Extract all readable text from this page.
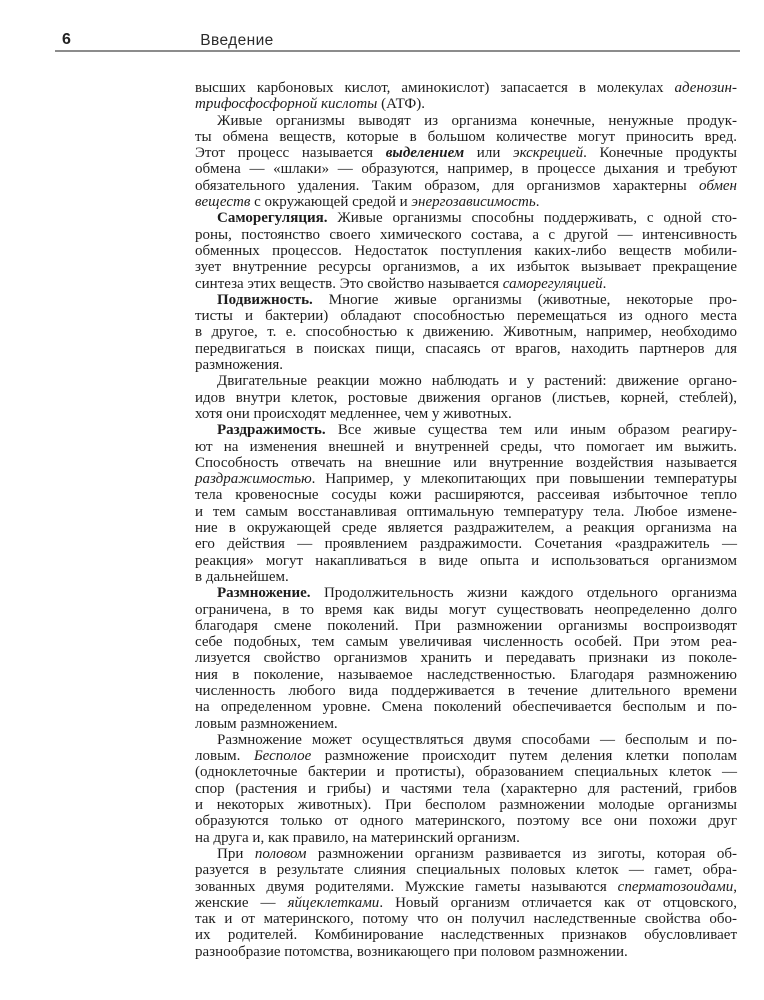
6	Введение
высших карбоновых кислот, аминокислот) запасается в молекулах аденозин-
трифосфосфорной кислоты (АТФ).
Живые организмы выводят из организма конечные, ненужные продук-
ты обмена веществ, которые в большом количестве могут приносить вред.
Этот процесс называется выделением или экскрецией. Конечные продукты
обмена — «шлаки» — образуются, например, в процессе дыхания и требуют
обязательного удаления. Таким образом, для организмов характерны обмен
веществ с окружающей средой и энергозависимость.
Саморегуляция. Живые организмы способны поддерживать, с одной сто-
роны, постоянство своего химического состава, а с другой — интенсивность
обменных процессов. Недостаток поступления каких-либо веществ мобили-
зует внутренние ресурсы организмов, а их избыток вызывает прекращение
синтеза этих веществ. Это свойство называется саморегуляцией.
Подвижность. Многие живые организмы (животные, некоторые про-
тисты и бактерии) обладают способностью перемещаться из одного места
в другое, т. е. способностью к движению. Животным, например, необходимо
передвигаться в поисках пищи, спасаясь от врагов, находить партнеров для
размножения.
Двигательные реакции можно наблюдать и у растений: движение органо-
идов внутри клеток, ростовые движения органов (листьев, корней, стеблей),
хотя они происходят медленнее, чем у животных.
Раздражимость. Все живые существа тем или иным образом реагиру-
ют на изменения внешней и внутренней среды, что помогает им выжить.
Способность отвечать на внешние или внутренние воздействия называется
раздражимостью. Например, у млекопитающих при повышении температуры
тела кровеносные сосуды кожи расширяются, рассеивая избыточное тепло
и тем самым восстанавливая оптимальную температуру тела. Любое измене-
ние в окружающей среде является раздражителем, а реакция организма на
его действия — проявлением раздражимости. Сочетания «раздражитель —
реакция» могут накапливаться в виде опыта и использоваться организмом
в дальнейшем.
Размножение. Продолжительность жизни каждого отдельного организма
ограничена, в то время как виды могут существовать неопределенно долго
благодаря смене поколений. При размножении организмы воспроизводят
себе подобных, тем самым увеличивая численность особей. При этом реа-
лизуется свойство организмов хранить и передавать признаки из поколе-
ния в поколение, называемое наследственностью. Благодаря размножению
численность любого вида поддерживается в течение длительного времени
на определенном уровне. Смена поколений обеспечивается бесполым и по-
ловым размножением.
Размножение может осуществляться двумя способами — бесполым и по-
ловым. Бесполое размножение происходит путем деления клетки пополам
(одноклеточные бактерии и протисты), образованием специальных клеток —
спор (растения и грибы) и частями тела (характерно для растений, грибов
и некоторых животных). При бесполом размножении молодые организмы
образуются только от одного материнского, поэтому все они похожи друг
на друга и, как правило, на материнский организм.
При половом размножении организм развивается из зиготы, которая об-
разуется в результате слияния специальных половых клеток — гамет, обра-
зованных двумя родителями. Мужские гаметы называются сперматозоидами,
женские — яйцеклетками. Новый организм отличается как от отцовского,
так и от материнского, потому что он получил наследственные свойства обо-
их родителей. Комбинирование наследственных признаков обусловливает
разнообразие потомства, возникающего при половом размножении.
